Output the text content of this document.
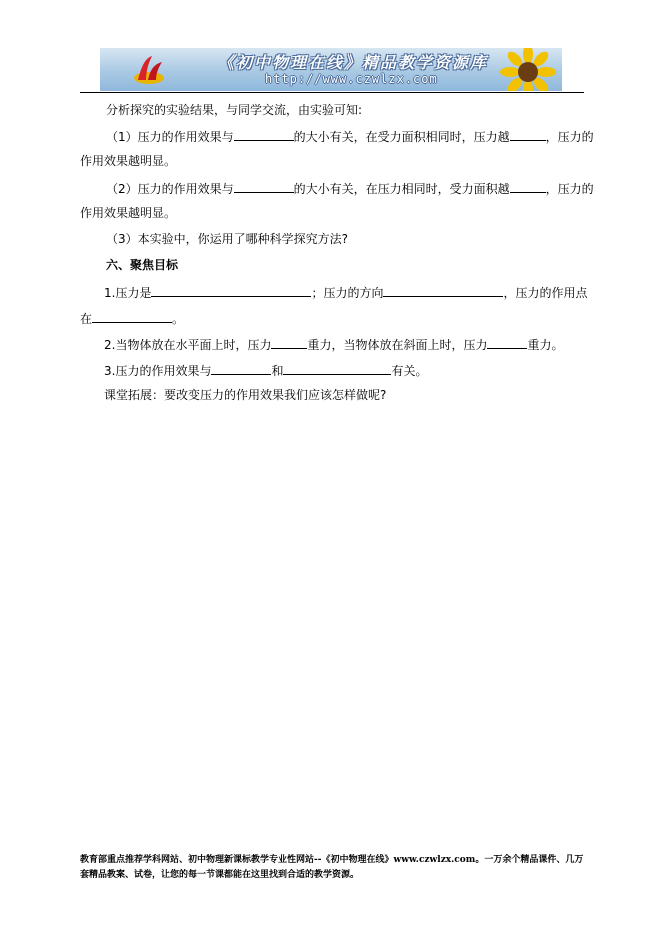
《初中物理在线》精品教学资源库
http://www.czwlzx.com
分析探究的实验结果，与同学交流，由实验可知:
（1）压力的作用效果与	的大小有关，在受力面积相同时，压力越	，压力的
作用效果越明显。
（2）压力的作用效果与	的大小有关，在压力相同时，受力面积越	，压力的
作用效果越明显。
（3）本实验中，你运用了哪种科学探究方法?
六、聚焦目标
1.压力是	；压力的方向	，压力的作用点
在	。
2.当物体放在水平面上时，压力	重力，当物体放在斜面上时，压力	重力。
3.压力的作用效果与	和	有关。
课堂拓展：要改变压力的作用效果我们应该怎样做呢?
教育部重点推荐学科网站、初中物理新课标教学专业性网站--《初中物理在线》www.czwlzx.com。一万余个精品课件、几万套精品教案、试卷，让您的每一节课都能在这里找到合适的教学资源。
